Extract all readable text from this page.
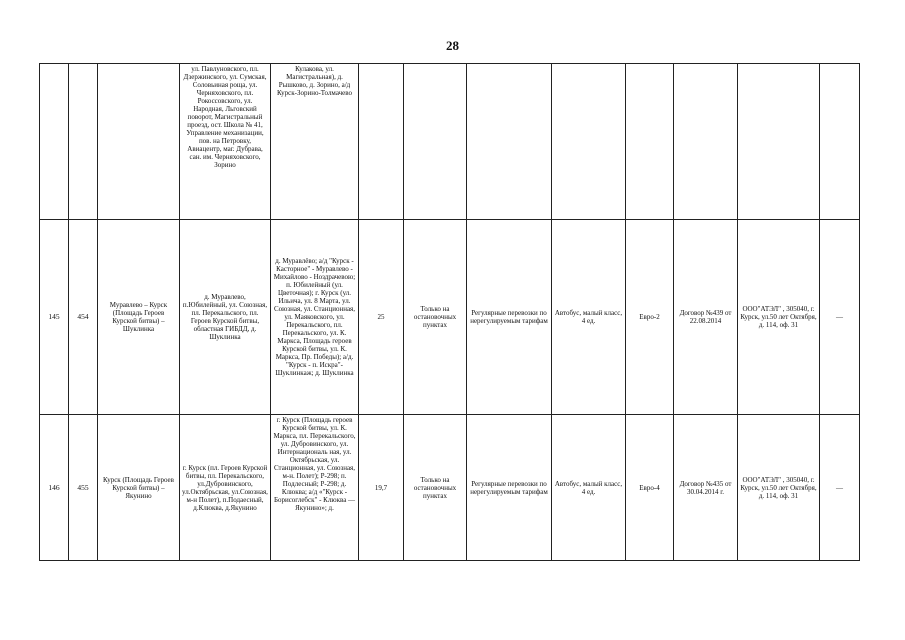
28
			ул. Павлуновского, пл. Дзержинского, ул. Сумская, Соловьиная роща, ул. Черняховского, пл. Рокоссовского, ул. Народная, Льговский поворот, Магистральный проезд, ост. Школа № 41, Управление механизации, пов. на Петровку, Авиацентр, маг. Дубрава, сан. им. Черняховского, Зорино	Кулакова, ул. Магистральная), д. Рышково, д. Зорино, а/д Курск-Зорино-Толмачево								
145	454	Муравлево – Курск (Площадь Героев Курской битвы) – Шуклинка	д. Муравлево, п.Юбилейный, ул. Союзная, пл. Перекальского, пл. Героев Курской битвы, областная ГИБДД, д. Шуклинка	д. Муравлёво; а/д "Курск - Касторное" - Муравлево - Михайлово - Ноздрачевою; п. Юбилейный (ул. Цветочная); г. Курск (ул. Ильича, ул. 8 Марта, ул. Союзная, ул. Станционная, ул. Маяковского, ул. Перекальского, пл. Перекальского, ул. К. Маркса, Площадь героев Курской битвы, ул. К. Маркса, Пр. Победы); а/д. "Курск - п. Искра"- Шуклинкаж; д. Шуклинка	25	Только на остановочных пунктах	Регулярные перевозки по нерегулируемым тарифам	Автобус, малый класс, 4 ед.	Евро-2	Договор №439 от 22.08.2014	ООО"АТЭЛ" , 305040, г. Курск, ул.50 лет Октября, д. 114, оф. 31	—
146	455	Курск (Площадь Героев Курской битвы) – Якунино	г. Курск (пл. Героев Курской битвы, пл. Перекальского, ул.Дубровинского, ул.Октябрьская, ул.Союзная, м-н Полет), п.Подаесный, д.Клюква, д.Якунино	г. Курск (Площадь героев Курской битвы, ул. К. Маркса, пл. Перекальского, ул. Дубровинского, ул. Интернациональ ная, ул. Октябрьская, ул. Станционная, ул. Союзная, м-н. Полет); Р-298; п. Подлесный; Р-298; д. Клюква; а/д «"Курск - Борисоглебск" - Клюква — Якунино»; д.	19,7	Только на остановочных пунктах	Регулярные перевозки по нерегулируемым тарифам	Автобус, малый класс, 4 ед.	Евро-4	Договор №435 от 30.04.2014 г.	ООО"АТЭЛ" , 305040, г. Курск, ул.50 лет Октября, д. 114, оф. 31	—
